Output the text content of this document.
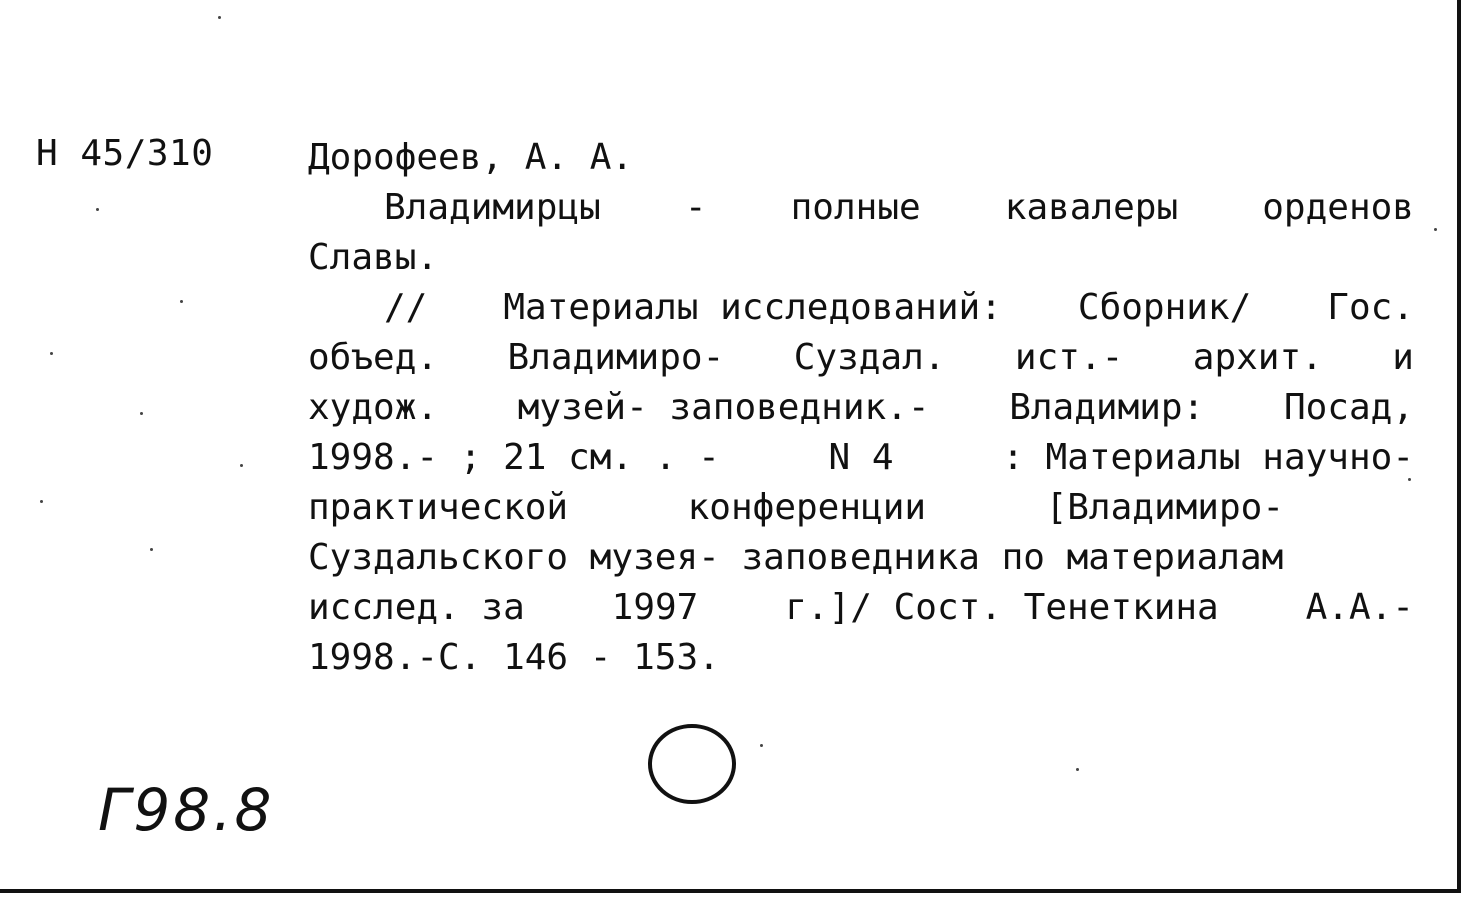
Н 45/310	Дорофеев, А. А.
Владимирцы - полные кавалеры орденов
Славы.
// Материалы исследований: Сборник/ Гос.
объед. Владимиро- Суздал. ист.- архит. и
худож. музей- заповедник.- Владимир: Посад,
1998.- ; 21 см. . -	N 4	: Материалы научно-
практической	конференции	[Владимиро-
Суздальского музея- заповедника по материалам
исслед. за 1997 г.]/ Сост. Тенеткина А.А.-
1998.-С. 146 - 153.
Г98.8
